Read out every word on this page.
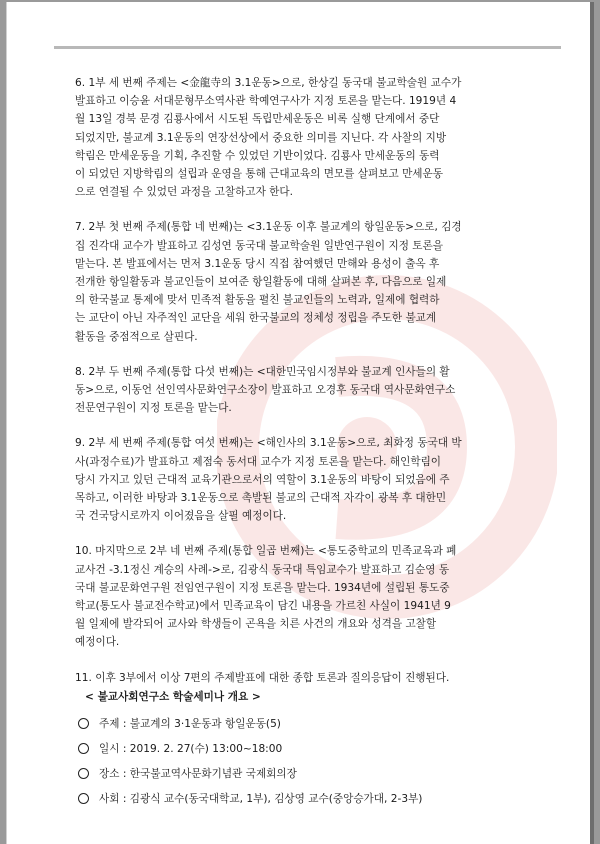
6. 1부 세 번째 주제는 <金龍寺의 3.1운동>으로, 한상길 동국대 불교학술원 교수가
발표하고 이승윤 서대문형무소역사관 학예연구사가 지정 토론을 맡는다. 1919년 4
월 13일 경북 문경 김룡사에서 시도된 독립만세운동은 비록 실행 단계에서 중단
되었지만, 불교계 3.1운동의 연장선상에서 중요한 의미를 지닌다. 각 사찰의 지방
학림은 만세운동을 기획, 추진할 수 있었던 기반이었다. 김룡사 만세운동의 동력
이 되었던 지방학림의 설립과 운영을 통해 근대교육의 면모를 살펴보고 만세운동
으로 연결될 수 있었던 과정을 고찰하고자 한다.
7. 2부 첫 번째 주제(통합 네 번째)는 <3.1운동 이후 불교계의 항일운동>으로, 김경
집 진각대 교수가 발표하고 김성연 동국대 불교학술원 일반연구원이 지정 토론을
맡는다. 본 발표에서는 먼저 3.1운동 당시 직접 참여했던 만해와 용성이 출옥 후
전개한 항일활동과 불교인들이 보여준 항일활동에 대해 살펴본 후, 다음으로 일제
의 한국불교 통제에 맞서 민족적 활동을 펼친 불교인들의 노력과, 일제에 협력하
는 교단이 아닌 자주적인 교단을 세워 한국불교의 정체성 정립을 주도한 불교계
활동을 중점적으로 살핀다.
8. 2부 두 번째 주제(통합 다섯 번째)는 <대한민국임시정부와 불교계 인사들의 활
동>으로, 이동언 선인역사문화연구소장이 발표하고 오경후 동국대 역사문화연구소
전문연구원이 지정 토론을 맡는다.
9. 2부 세 번째 주제(통합 여섯 번째)는 <해인사의 3.1운동>으로, 최화정 동국대 박
사(과정수료)가 발표하고 제점숙 동서대 교수가 지정 토론을 맡는다. 해인학림이
당시 가지고 있던 근대적 교육기관으로서의 역할이 3.1운동의 바탕이 되었음에 주
목하고, 이러한 바탕과 3.1운동으로 촉발된 불교의 근대적 자각이 광복 후 대한민
국 건국당시로까지 이어졌음을 살필 예정이다.
10. 마지막으로 2부 네 번째 주제(통합 일곱 번째)는 <통도중학교의 민족교육과 폐
교사건 -3.1정신 계승의 사례->로, 김광식 동국대 특임교수가 발표하고 김순영 동
국대 불교문화연구원 전임연구원이 지정 토론을 맡는다. 1934년에 설립된 통도중
학교(통도사 불교전수학교)에서 민족교육이 담긴 내용을 가르친 사실이 1941년 9
월 일제에 발각되어 교사와 학생들이 곤욕을 치른 사건의 개요와 성격을 고찰할
예정이다.
11. 이후 3부에서 이상 7편의 주제발표에 대한 종합 토론과 질의응답이 진행된다.
< 불교사회연구소 학술세미나 개요 >
주제 : 불교계의 3·1운동과 항일운동(5)
일시 : 2019. 2. 27(수) 13:00~18:00
장소 : 한국불교역사문화기념관 국제회의장
사회 : 김광식 교수(동국대학교, 1부), 김상영 교수(중앙승가대, 2-3부)
